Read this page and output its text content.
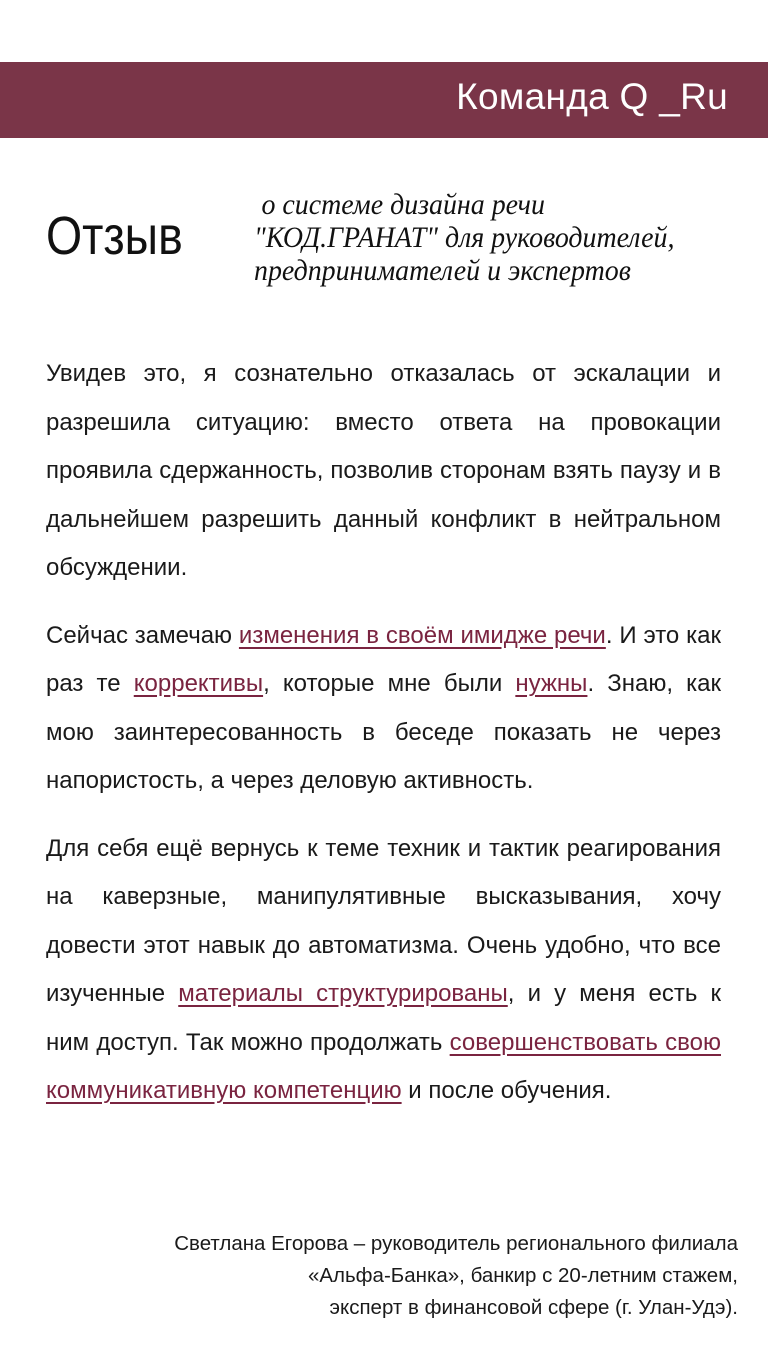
Команда Q _Ru
Отзыв
о системе дизайна речи
"КОД.ГРАНАТ" для руководителей,
предпринимателей и экспертов

Увидев это, я сознательно отказалась от эскалации и разрешила ситуацию: вместо ответа на провокации проявила сдержанность, позволив сторонам взять паузу и в дальнейшем разрешить данный конфликт в нейтральном обсуждении.

Сейчас замечаю изменения в своём имидже речи. И это как раз те коррективы, которые мне были нужны. Знаю, как мою заинтересованность в беседе показать не через напористость, а через деловую активность.

Для себя ещё вернусь к теме техник и тактик реагирования на каверзные, манипулятивные высказывания, хочу довести этот навык до автоматизма. Очень удобно, что все изученные материалы структурированы, и у меня есть к ним доступ. Так можно продолжать совершенствовать свою коммуникативную компетенцию и после обучения.

Светлана Егорова – руководитель регионального филиала
«Альфа-Банка», банкир с 20-летним стажем,
эксперт в финансовой сфере (г. Улан-Удэ).
